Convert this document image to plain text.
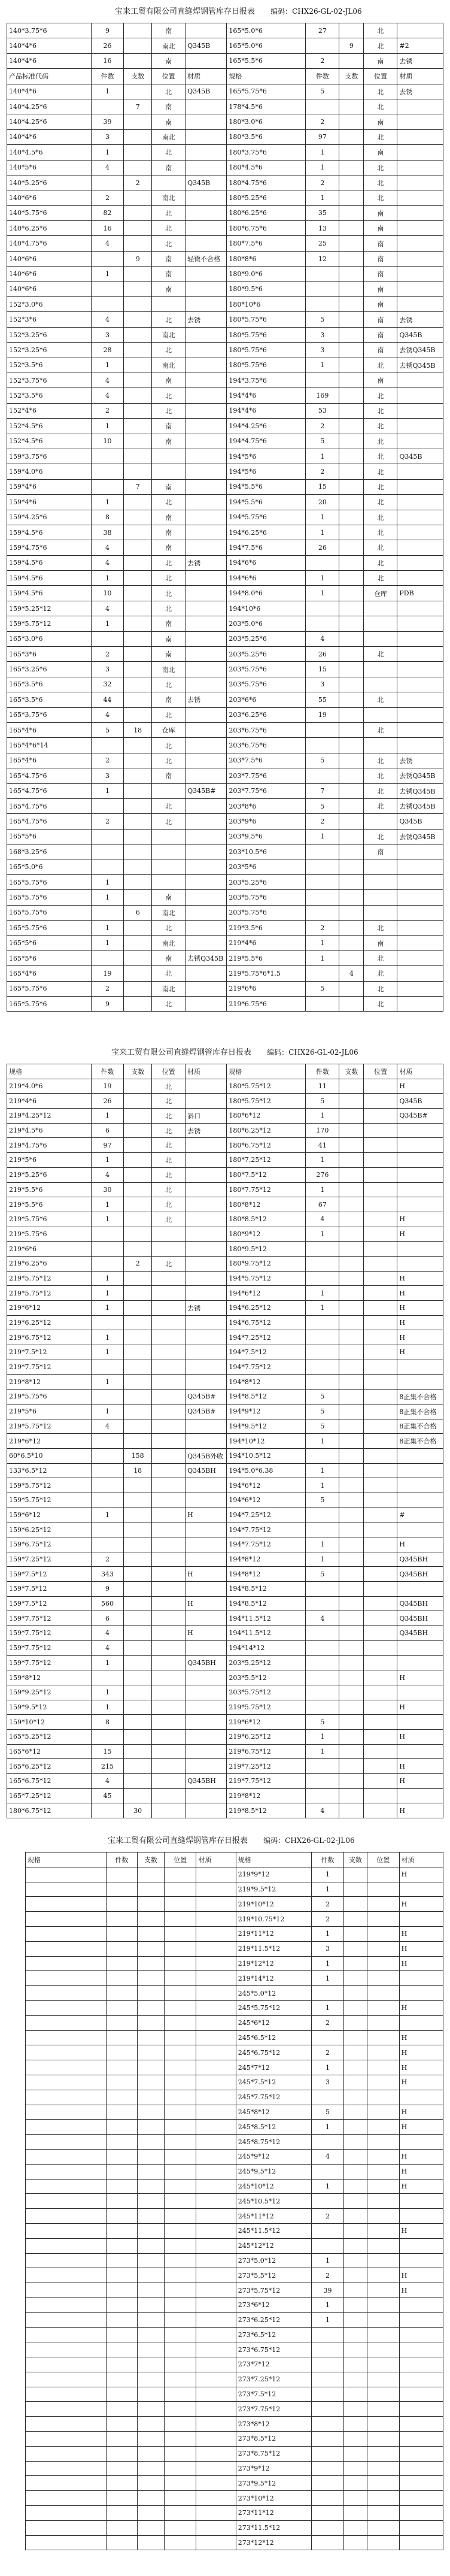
宝来工贸有限公司直缝焊钢管库存日报表 编码：CHX26-GL-02-JL06
140*3.75*6	9		南		165*5.0*6	27		北	
140*4*6	26		南北	Q345B	165*5.0*6		9	北	#2
140*4*6	16		南		165*5.5*6	2		南	去锈
产品标准代码	件数	支数	位置	材质	规格	件数	支数	位置	材质
140*4*6	1		北	Q345B	165*5.75*6	5		北	去锈
140*4.25*6		7	南		178*4.5*6			北	
140*4.25*6	39		南		180*3.0*6	2		南	
140*4*6	3		南北		180*3.5*6	97		北	
140*4.5*6	1		北		180*3.75*6	1		南	
140*5*6	4		南		180*4.5*6	1		北	
140*5.25*6		2		Q345B	180*4.75*6	2		北	
140*6*6	2		南北		180*5.25*6	1		北	
140*5.75*6	82		北		180*6.25*6	35		南	
140*6.25*6	16		北		180*6.75*6	13		南	
140*4.75*6	4		北		180*7.5*6	25		南	
140*6*6		9	南	轻微不合格	180*8*6	12		南	
140*6*6	1		南		180*9.0*6			南	
140*6*6			南		180*9.5*6			南	
152*3.0*6					180*10*6			南	
152*3*6	4		北	去锈	180*5.75*6	5		南	去锈
152*3.25*6	3		南北		180*5.75*6	3		南	Q345B
152*3.25*6	28		北		180*5.75*6	3		南	去锈Q345B
152*3.5*6	1		南北		180*5.75*6	1		北	去锈Q345B
152*3.75*6	4		南		194*3.75*6			南	
152*3.5*6	4		北		194*4*6	169		北	
152*4*6	2		北		194*4*6	53		北	
152*4.5*6	1		南		194*4.25*6	2		北	
152*4.5*6	10		南		194*4.75*6	5		北	
159*3.75*6					194*5*6	1		北	Q345B
159*4.0*6					194*5*6	2		北	
159*4*6		7	南		194*5.5*6	15		北	
159*4*6	1		北		194*5.5*6	20		北	
159*4.25*6	8		南		194*5.75*6	1		北	
159*4.5*6	38		南		194*6.25*6	1		北	
159*4.75*6	4		南		194*7.5*6	26		北	
159*4.5*6	4		北	去锈	194*6*6			北	
159*4.5*6	1		北		194*6*6	1		北	
159*4.5*6	10		北		194*8.0*6	1		仓库	PDB
159*5.25*12	4		北		194*10*6				
159*5.75*12	1		南		203*5.0*6				
165*3.0*6			南		203*5.25*6	4			
165*3*6	2		南		203*5.25*6	26		北	
165*3.25*6	3		南北		203*5.75*6	15			
165*3.5*6	32		北		203*5.75*6	3			
165*3.5*6	44		南	去锈	203*6*6	55		北	
165*3.75*6	4		北		203*6.25*6	19			
165*4*6	5	18	仓库		203*6.75*6			北	
165*4*6*14			北		203*6.75*6				
165*4*6	2		北		203*7.5*6	5		北	去锈
165*4.75*6	3		南		203*7.75*6			北	去锈Q345B
165*4.75*6	1			Q345B#	203*7.75*6	7		北	去锈Q345B
165*4.75*6			北		203*8*6	5		北	去锈Q345B
165*4.75*6	2		北		203*9*6	2			Q345B
165*5*6					203*9.5*6	1		北	去锈Q345B
168*3.25*6					203*10.5*6			南	
165*5.0*6					203*5*6				
165*5.75*6	1				203*5.25*6				
165*5.75*6	1		南		203*5.75*6				
165*5.75*6		6	南北		203*5.75*6				
165*5.75*6	1		北		219*3.5*6	2		北	
165*5*6	1		南北		219*4*6	1		南	
165*5*6			南	去锈Q345B	219*5.5*6	1		北	
165*4*6	19		北		219*5.75*6*1.5		4	北	
165*5.75*6	2		南北		219*6*6	5		北	
165*5.75*6	9		北		219*6.75*6			北	
宝来工贸有限公司直缝焊钢管库存日报表 编码：CHX26-GL-02-JL06
规格	件数	支数	位置	材质	规格	件数	支数	位置	材质
219*4.0*6	19		北		180*5.75*12	11			H
219*4*6	26		北		180*5.75*12	5			Q345B
219*4.25*12	1		北	斜口	180*6*12	1			Q345B#
219*4.5*6	6		北	去锈	180*6.25*12	170			
219*4.75*6	97		北		180*6.75*12	41			
219*5*6	1		北		180*7.25*12	1			
219*5.25*6	4		北		180*7.5*12	276			
219*5.5*6	30		北		180*7.75*12	1			
219*5.5*6	1		北		180*8*12	67			
219*5.75*6	1		北		180*8.5*12	4			H
219*5.75*6					180*9*12	1			H
219*6*6					180*9.5*12				
219*6.25*6		2	北		180*9.75*12				
219*5.75*12	1				194*5.75*12				H
219*5.75*12	1				194*6*12	1			H
219*6*12	1			去锈	194*6.25*12	1			H
219*6.25*12					194*6.75*12				H
219*6.75*12	1				194*7.25*12				H
219*7.5*12	1				194*7.5*12				H
219*7.75*12					194*7.75*12				
219*8*12	1				194*8*12				
219*5.75*6				Q345B#	194*8.5*12	5			8正集不合格
219*5*6	1			Q345B#	194*9*12	5			8正集不合格
219*5.75*12	4				194*9.5*12	5			8正集不合格
219*6*12					194*10*12	1			8正集不合格
60*6.5*10		158		Q345B外收	194*10.5*12				
133*6.5*12		18		Q345BH	194*5.0*6.38	1			
159*5.75*12					194*6*12	1			
159*5.75*12					194*6*12	5			
159*6*12	1			H	194*7.25*12				#
159*6.25*12					194*7.75*12				
159*6.75*12					194*7.75*12	1			H
159*7.25*12	2				194*8*12	1			Q345BH
159*7.5*12	343			H	194*8*12	5			Q345BH
159*7.5*12	9				194*8.5*12				
159*7.5*12	560			H	194*8.5*12				Q345BH
159*7.75*12	6				194*11.5*12	4			Q345BH
159*7.75*12	4			H	194*11.5*12				Q345BH
159*7.75*12	4				194*14*12				
159*7.75*12	1			Q345BH	203*5.25*12				
159*8*12					203*5.5*12				H
159*9.25*12	1				203*5.75*12				
159*9.5*12	1				219*5.75*12				H
159*10*12	8				219*6*12	5			
165*5.25*12					219*6.25*12	1			H
165*6*12	15				219*6.75*12	1			
165*6.25*12	215				219*7.25*12				H
165*6.75*12	4			Q345BH	219*7.75*12				H
165*7.25*12	45				219*8*12				
180*6.75*12		30			219*8.5*12	4			H
宝来工贸有限公司直缝焊钢管库存日报表 编码：CHX26-GL-02-JL06
规格	件数	支数	位置	材质	规格	件数	支数	位置	材质
					219*9*12	1			H
					219*9.5*12	1			
					219*10*12	2			H
					219*10.75*12	2			
					219*11*12	1			H
					219*11.5*12	3			H
					219*12*12	1			H
					219*14*12	1			
					245*5.0*12				
					245*5.75*12	1			H
					245*6*12	2			
					245*6.5*12				H
					245*6.75*12	2			H
					245*7*12	1			H
					245*7.5*12	3			H
					245*7.75*12				
					245*8*12	5			H
					245*8.5*12	1			H
					245*8.75*12				
					245*9*12	4			H
					245*9.5*12				H
					245*10*12	1			H
					245*10.5*12				
					245*11*12	2			
					245*11.5*12				H
					245*12*12				
					273*5.0*12	1			
					273*5.5*12	2			H
					273*5.75*12	39			H
					273*6*12	1			
					273*6.25*12	1			
					273*6.5*12				
					273*6.75*12				
					273*7*12				
					273*7.25*12				
					273*7.5*12				
					273*7.75*12				
					273*8*12				
					273*8.5*12				
					273*8.75*12				
					273*9*12				
					273*9.5*12				
					273*10*12				
					273*11*12				
					273*11.5*12				
					273*12*12				
